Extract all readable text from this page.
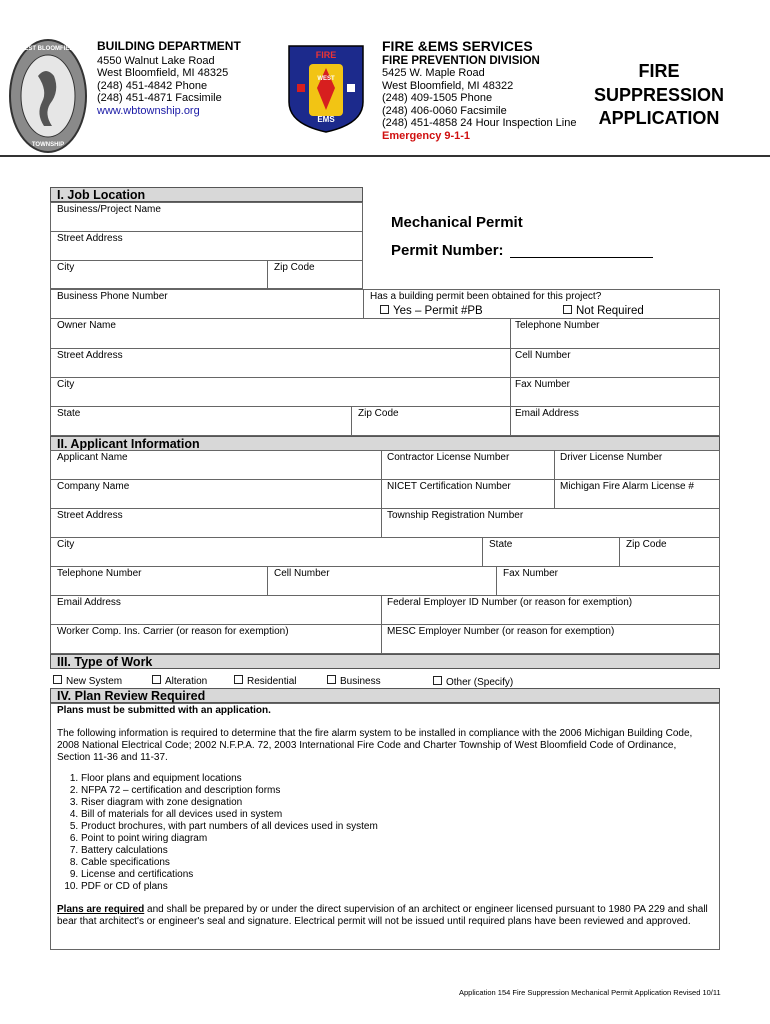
WEST BLOOMFIELD
TOWNSHIP
BUILDING DEPARTMENT
4550 Walnut Lake Road
West Bloomfield, MI 48325
(248) 451-4842 Phone
(248) 451-4871 Facsimile
www.wbtownship.org
FIRE
WEST
EMS
FIRE &EMS SERVICES
FIRE PREVENTION DIVISION
5425 W. Maple Road
West Bloomfield, MI 48322
(248) 409-1505 Phone
(248) 406-0060 Facsimile
(248) 451-4858 24 Hour Inspection Line
Emergency 9-1-1
FIRE
SUPPRESSION
APPLICATION
I. Job Location
Business/Project Name
Street Address
City	Zip Code
Mechanical Permit
Permit Number:
Business Phone Number	Has a building permit been obtained for this project?
Yes – Permit #PB	Not Required
Owner Name	Telephone Number
Street Address	Cell Number
City	Fax Number
State	Zip Code	Email Address
II. Applicant Information
Applicant Name	Contractor License Number	Driver License Number
Company Name	NICET Certification Number	Michigan Fire Alarm License #
Street Address	Township Registration Number
City	State	Zip Code
Telephone Number	Cell Number	Fax Number
Email Address	Federal Employer ID Number (or reason for exemption)
Worker Comp. Ins. Carrier (or reason for exemption)	MESC Employer Number (or reason for exemption)
III. Type of Work
New System	Alteration	Residential	Business	Other (Specify)
IV. Plan Review Required
Plans must be submitted with an application.
The following information is required to determine that the fire alarm system to be installed in compliance with the 2006 Michigan Building Code, 2008 National Electrical Code; 2002 N.F.P.A. 72, 2003 International Fire Code and Charter Township of West Bloomfield Code of Ordinance, Section 11-36 and 11-37.
1. Floor plans and equipment locations
2. NFPA 72 – certification and description forms
3. Riser diagram with zone designation
4. Bill of materials for all devices used in system
5. Product brochures, with part numbers of all devices used in system
6. Point to point wiring diagram
7. Battery calculations
8. Cable specifications
9. License and certifications
10. PDF or CD of plans
Plans are required and shall be prepared by or under the direct supervision of an architect or engineer licensed pursuant to 1980 PA 229 and shall bear that architect's or engineer's seal and signature. Electrical permit will not be issued until required plans have been reviewed and approved.
Application 154 Fire Suppression Mechanical Permit Application Revised 10/11
